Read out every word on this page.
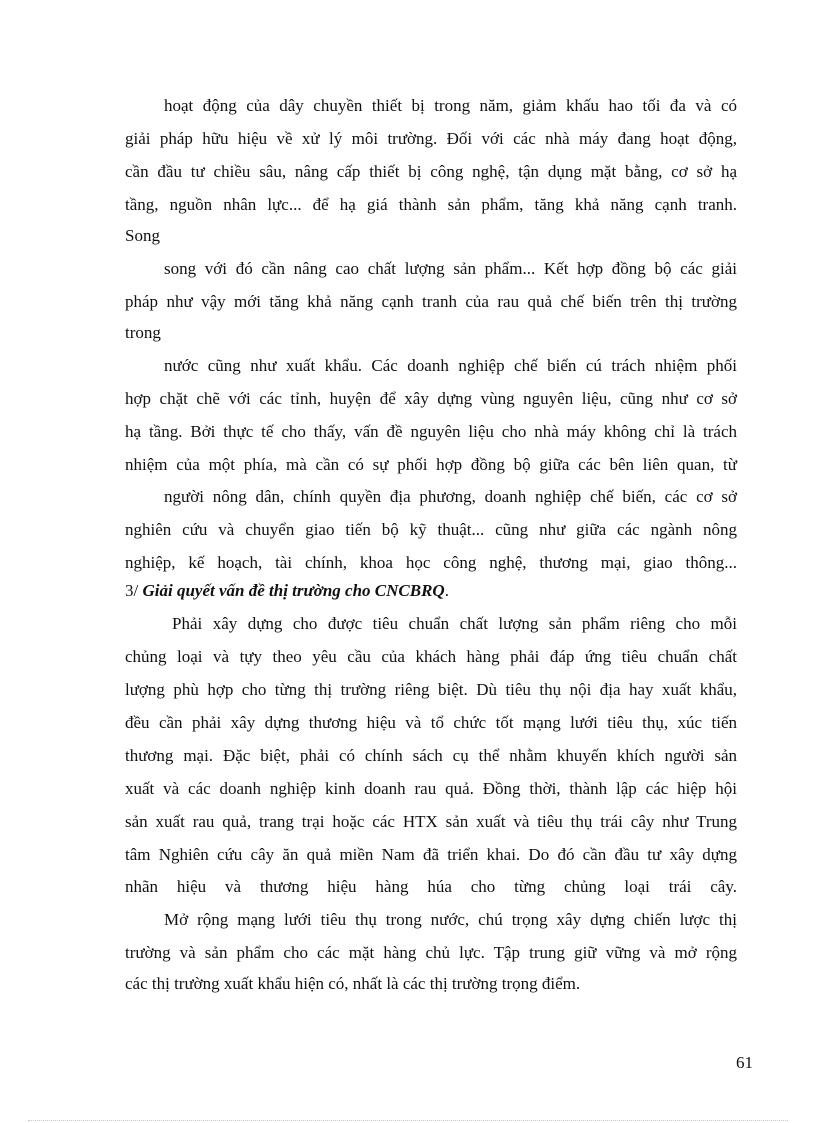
hoạt động của dây chuyền thiết bị trong năm, giảm khấu hao tối đa và có
giải pháp hữu hiệu về xử lý môi trường. Đối với các nhà máy đang hoạt động,
cần đầu tư chiều sâu, nâng cấp thiết bị công nghệ, tận dụng mặt bằng, cơ sở hạ
tầng, nguồn nhân lực... để hạ giá thành sản phẩm, tăng khả năng cạnh tranh.
Song
song với đó cần nâng cao chất lượng sản phẩm... Kết hợp đồng bộ các giải
pháp như vậy mới tăng khả năng cạnh tranh của rau quả chế biến trên thị trường
trong
nước cũng như xuất khẩu. Các doanh nghiệp chế biến cú trách nhiệm phối
hợp chặt chẽ với các tỉnh, huyện để xây dựng vùng nguyên liệu, cũng như cơ sở
hạ tầng. Bởi thực tế cho thấy, vấn đề nguyên liệu cho nhà máy không chỉ là trách
nhiệm của một phía, mà cần có sự phối hợp đồng bộ giữa các bên liên quan, từ
người nông dân, chính quyền địa phương, doanh nghiệp chế biến, các cơ sở
nghiên cứu và chuyển giao tiến bộ kỹ thuật... cũng như giữa các ngành nông
nghiệp, kế hoạch, tài chính, khoa học công nghệ, thương mại, giao thông...
3/ Giải quyết vấn đề thị trường cho CNCBRQ.
Phải xây dựng cho được tiêu chuẩn chất lượng sản phẩm riêng cho mỗi
chủng loại và tựy theo yêu cầu của khách hàng phải đáp ứng tiêu chuẩn chất
lượng phù hợp cho từng thị trường riêng biệt. Dù tiêu thụ nội địa hay xuất khẩu,
đều cần phải xây dựng thương hiệu và tổ chức tốt mạng lưới tiêu thụ, xúc tiến
thương mại. Đặc biệt, phải có chính sách cụ thể nhằm khuyến khích người sản
xuất và các doanh nghiệp kinh doanh rau quả. Đồng thời, thành lập các hiệp hội
sản xuất rau quả, trang trại hoặc các HTX sản xuất và tiêu thụ trái cây như Trung
tâm Nghiên cứu cây ăn quả miền Nam đã triển khai. Do đó cần đầu tư xây dựng
nhãn hiệu và thương hiệu hàng húa cho từng chủng loại trái cây.
Mở rộng mạng lưới tiêu thụ trong nước, chú trọng xây dựng chiến lược thị
trường và sản phẩm cho các mặt hàng chủ lực. Tập trung giữ vững và mở rộng
các thị trường xuất khẩu hiện có, nhất là các thị trường trọng điểm.
61
